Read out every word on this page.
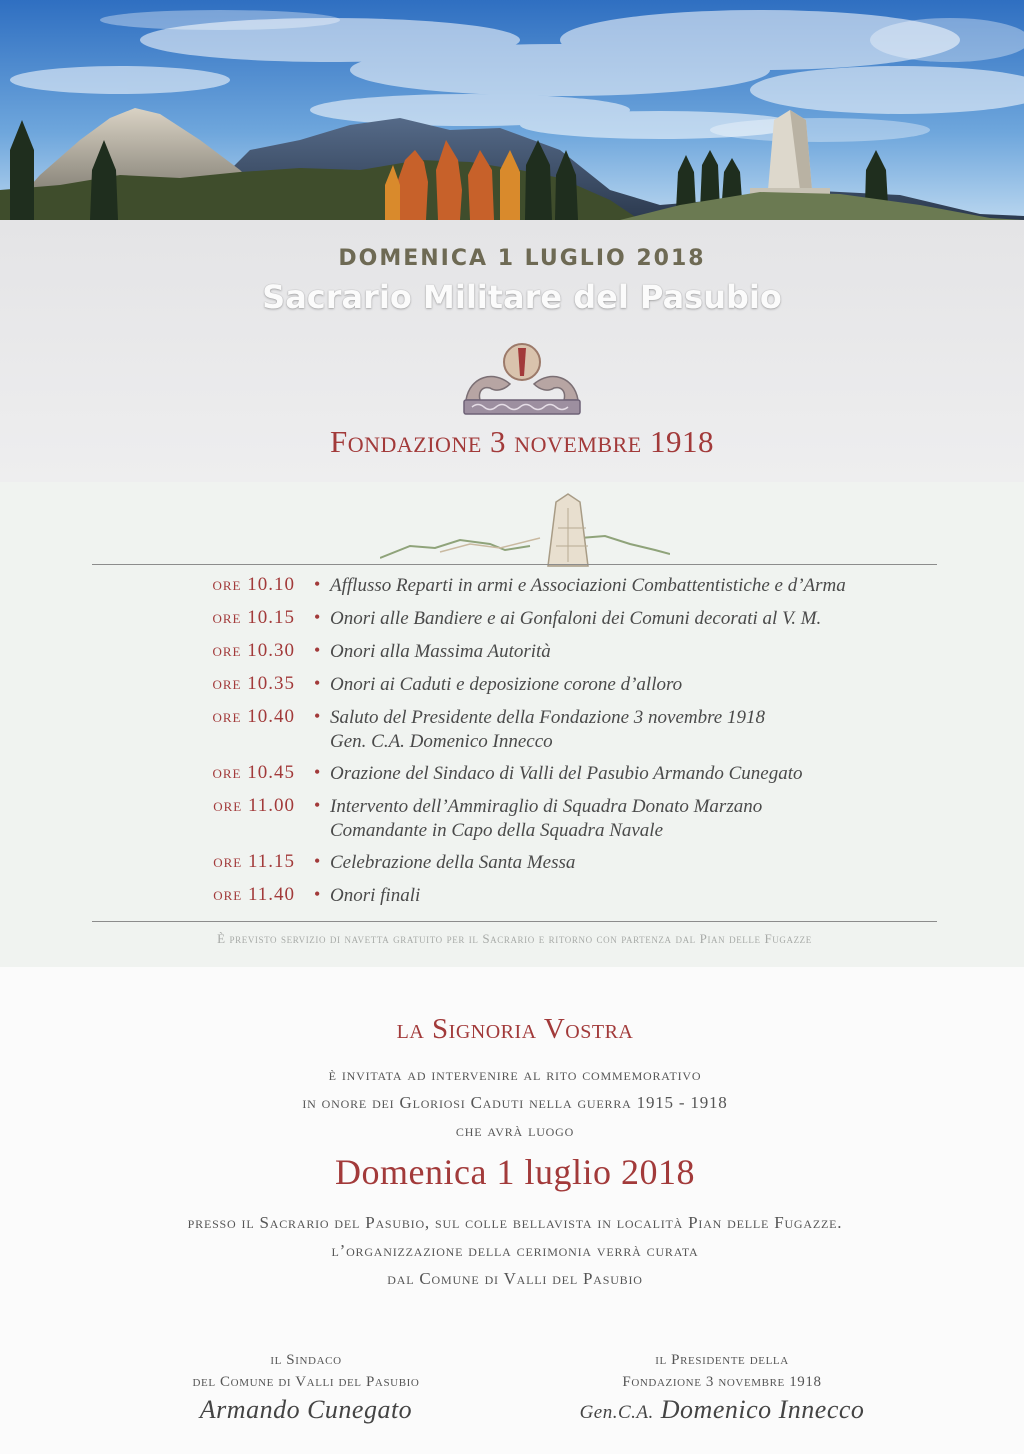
DOMENICA 1 LUGLIO 2018
Sacrario Militare del Pasubio
Fondazione 3 novembre 1918
ore 10.10 • Afflusso Reparti in armi e Associazioni Combattentistiche e d’Arma
ore 10.15 • Onori alle Bandiere e ai Gonfaloni dei Comuni decorati al V. M.
ore 10.30 • Onori alla Massima Autorità
ore 10.35 • Onori ai Caduti e deposizione corone d’alloro
ore 10.40 • Saluto del Presidente della Fondazione 3 novembre 1918
Gen. C.A. Domenico Innecco
ore 10.45 • Orazione del Sindaco di Valli del Pasubio Armando Cunegato
ore 11.00 • Intervento dell’Ammiraglio di Squadra Donato Marzano
Comandante in Capo della Squadra Navale
ore 11.15 • Celebrazione della Santa Messa
ore 11.40 • Onori finali
È previsto servizio di navetta gratuito per il Sacrario e ritorno con partenza dal Pian delle Fugazze
la Signoria Vostra
è invitata ad intervenire al rito commemorativo
in onore dei Gloriosi Caduti nella guerra 1915 - 1918
che avrà luogo
Domenica 1 luglio 2018
presso il Sacrario del Pasubio, sul colle bellavista in località Pian delle Fugazze.
l’organizzazione della cerimonia verrà curata
dal Comune di Valli del Pasubio
il Sindaco
del Comune di Valli del Pasubio
Armando Cunegato
il Presidente della
Fondazione 3 novembre 1918
Gen.C.A. Domenico Innecco
